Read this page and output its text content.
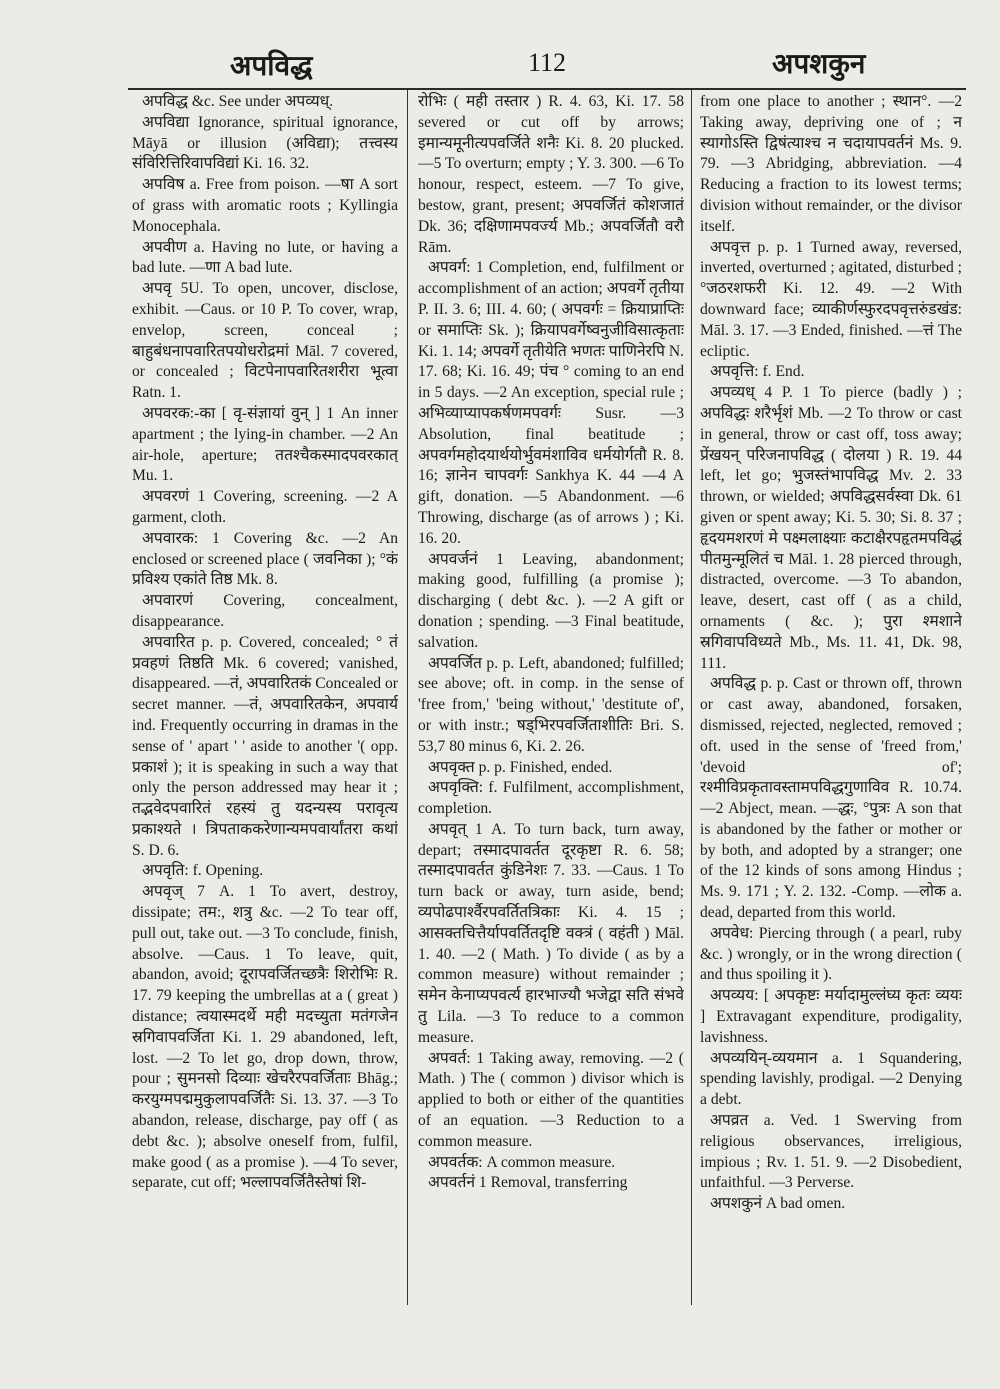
अपविद्ध	112	अपशकुन

अपविद्ध &c. See under अपव्यध्.

अपविद्या Ignorance, spiritual ignorance, Māyā or illusion (अविद्या); तत्त्वस्य संविरित्तिरिवापविद्यां Ki. 16. 32.

अपविष a. Free from poison. —षा A sort of grass with aromatic roots ; Kyllingia Monocephala.

अपवीण a. Having no lute, or having a bad lute. —णा A bad lute.

अपवृ 5U. To open, uncover, disclose, exhibit. —Caus. or 10 P. To cover, wrap, envelop, screen, conceal ; बाहुबंधनापवारितपयोधरोद्रमां Māl. 7 covered, or concealed ; विटपेनापवारितशरीरा भूत्वा Ratn. 1.

अपवरक:-का [ वृ-संज्ञायां वुन् ] 1 An inner apartment ; the lying-in chamber. —2 An air-hole, aperture; ततश्चैकस्मादपवरकात् Mu. 1.

अपवरणं 1 Covering, screening. —2 A garment, cloth.

अपवारक: 1 Covering &c. —2 An enclosed or screened place ( जवनिका ); °कं प्रविश्य एकांते तिष्ठ Mk. 8.

अपवारणं Covering, concealment, disappearance.

अपवारित p. p. Covered, concealed; ° तं प्रवहणं तिष्ठति Mk. 6 covered; vanished, disappeared. —तं, अपवारितकं Concealed or secret manner. —तं, अपवारितकेन, अपवार्य ind. Frequently occurring in dramas in the sense of ' apart ' ' aside to another '( opp. प्रकाशं ); it is speaking in such a way that only the person addressed may hear it ; तद्भवेदपवारितं रहस्यं तु यदन्यस्य परावृत्य प्रकाश्यते । त्रिपताककरेणान्यमपवार्यांतरा कथां S. D. 6.

अपवृति: f. Opening.

अपवृज् 7 A. 1 To avert, destroy, dissipate; तम:, शत्रु &c. —2 To tear off, pull out, take out. —3 To conclude, finish, absolve. —Caus. 1 To leave, quit, abandon, avoid; दूरापवर्जितच्छत्रैः शिरोभिः R. 17. 79 keeping the umbrellas at a ( great ) distance; त्वयास्मदर्थे मही मदच्युता मतंगजेन स्रगिवापवर्जिता Ki. 1. 29 abandoned, left, lost. —2 To let go, drop down, throw, pour ; सुमनसो दिव्याः खेचरैरपवर्जिताः Bhāg.; करयुग्मपद्ममुकुलापवर्जितैः Si. 13. 37. —3 To abandon, release, discharge, pay off ( as debt &c. ); absolve oneself from, fulfil, make good ( as a promise ). —4 To sever, separate, cut off; भल्लापवर्जितैस्तेषां शि-

रोभिः ( मही तस्तार ) R. 4. 63, Ki. 17. 58 severed or cut off by arrows; इमान्यमूनीत्यपवर्जिते शनैः Ki. 8. 20 plucked. —5 To overturn; empty ; Y. 3. 300. —6 To honour, respect, esteem. —7 To give, bestow, grant, present; अपवर्जितं कोशजातं Dk. 36; दक्षिणामपवर्ज्य Mb.; अपवर्जितौ वरौ Rām.

अपवर्ग: 1 Completion, end, fulfilment or accomplishment of an action; अपवर्गे तृतीया P. II. 3. 6; III. 4. 60; ( अपवर्गः = क्रियाप्राप्तिः or समाप्तिः Sk. ); क्रियापवर्गेष्वनुजीविसात्कृताः Ki. 1. 14; अपवर्गे तृतीयेति भणतः पाणिनेरपि N. 17. 68; Ki. 16. 49; पंच ° coming to an end in 5 days. —2 An exception, special rule ; अभिव्याप्यापकर्षणमपवर्गः Susr. —3 Absolution, final beatitude ; अपवर्गमहोदयार्थयोर्भुवमंशाविव धर्मयोर्गतौ R. 8. 16; ज्ञानेन चापवर्गः Sankhya K. 44 —4 A gift, donation. —5 Abandonment. —6 Throwing, discharge (as of arrows ) ; Ki. 16. 20.

अपवर्जनं 1 Leaving, abandonment; making good, fulfilling (a promise ); discharging ( debt &c. ). —2 A gift or donation ; spending. —3 Final beatitude, salvation.

अपवर्जित p. p. Left, abandoned; fulfilled; see above; oft. in comp. in the sense of 'free from,' 'being without,' 'destitute of', or with instr.; षड्भिरपवर्जिताशीतिः Bri. S. 53,7 80 minus 6, Ki. 2. 26.

अपवृक्त p. p. Finished, ended.

अपवृक्ति: f. Fulfilment, accomplishment, completion.

अपवृत् 1 A. To turn back, turn away, depart; तस्मादपावर्तत दूरकृष्टा R. 6. 58; तस्मादपावर्तत कुंडिनेशः 7. 33. —Caus. 1 To turn back or away, turn aside, bend; व्यपोढपार्श्वैरपवर्तितत्रिकाः Ki. 4. 15 ; आसक्तचित्तैर्यापवर्तितदृष्टि वक्त्रं ( वहंती ) Māl. 1. 40. —2 ( Math. ) To divide ( as by a common measure) without remainder ; समेन केनाप्यपवर्त्य हारभाज्यौ भजेद्वा सति संभवे तु Lila. —3 To reduce to a common measure.

अपवर्त: 1 Taking away, removing. —2 ( Math. ) The ( common ) divisor which is applied to both or either of the quantities of an equation. —3 Reduction to a common measure.

अपवर्तक: A common measure.

अपवर्तनं 1 Removal, transferring

from one place to another ; स्थान°. —2 Taking away, depriving one of ; न स्यागोऽस्ति द्विषंत्याश्च न चदायापवर्तनं Ms. 9. 79. —3 Abridging, abbreviation. —4 Reducing a fraction to its lowest terms; division without remainder, or the divisor itself.

अपवृत्त p. p. 1 Turned away, reversed, inverted, overturned ; agitated, disturbed ; °जठरशफरी Ki. 12. 49. —2 With downward face; व्याकीर्णस्फुरदपवृत्तरुंडखंड: Māl. 3. 17. —3 Ended, finished. —त्तं The ecliptic.

अपवृत्ति: f. End.

अपव्यध् 4 P. 1 To pierce (badly ) ; अपविद्धः शरैर्भृशं Mb. —2 To throw or cast in general, throw or cast off, toss away; प्रेंखयन् परिजनापविद्ध ( दोलया ) R. 19. 44 left, let go; भुजस्तंभापविद्ध Mv. 2. 33 thrown, or wielded; अपविद्धसर्वस्वा Dk. 61 given or spent away; Ki. 5. 30; Si. 8. 37 ; हृदयमशरणं मे पक्ष्मलाक्ष्याः कटाक्षैरपहृतमपविद्धं पीतमुन्मूलितं च Māl. 1. 28 pierced through, distracted, overcome. —3 To abandon, leave, desert, cast off ( as a child, ornaments ( &c. ); पुरा श्मशाने स्रगिवापविध्यते Mb., Ms. 11. 41, Dk. 98, 111.

अपविद्ध p. p. Cast or thrown off, thrown or cast away, abandoned, forsaken, dismissed, rejected, neglected, removed ; oft. used in the sense of 'freed from,' 'devoid of'; रश्मीविप्रकृतावस्तामपविद्धगुणाविव R. 10.74. —2 Abject, mean. —द्धः, °पुत्रः A son that is abandoned by the father or mother or by both, and adopted by a stranger; one of the 12 kinds of sons among Hindus ; Ms. 9. 171 ; Y. 2. 132. -Comp. —लोक a. dead, departed from this world.

अपवेध: Piercing through ( a pearl, ruby &c. ) wrongly, or in the wrong direction ( and thus spoiling it ).

अपव्यय: [ अपकृष्टः मर्यादामुल्लंघ्य कृतः व्ययः ] Extravagant expenditure, prodigality, lavishness.

अपव्ययिन्-व्ययमान a. 1 Squandering, spending lavishly, prodigal. —2 Denying a debt.

अपव्रत a. Ved. 1 Swerving from religious observances, irreligious, impious ; Rv. 1. 51. 9. —2 Disobedient, unfaithful. —3 Perverse.

अपशकुनं A bad omen.
